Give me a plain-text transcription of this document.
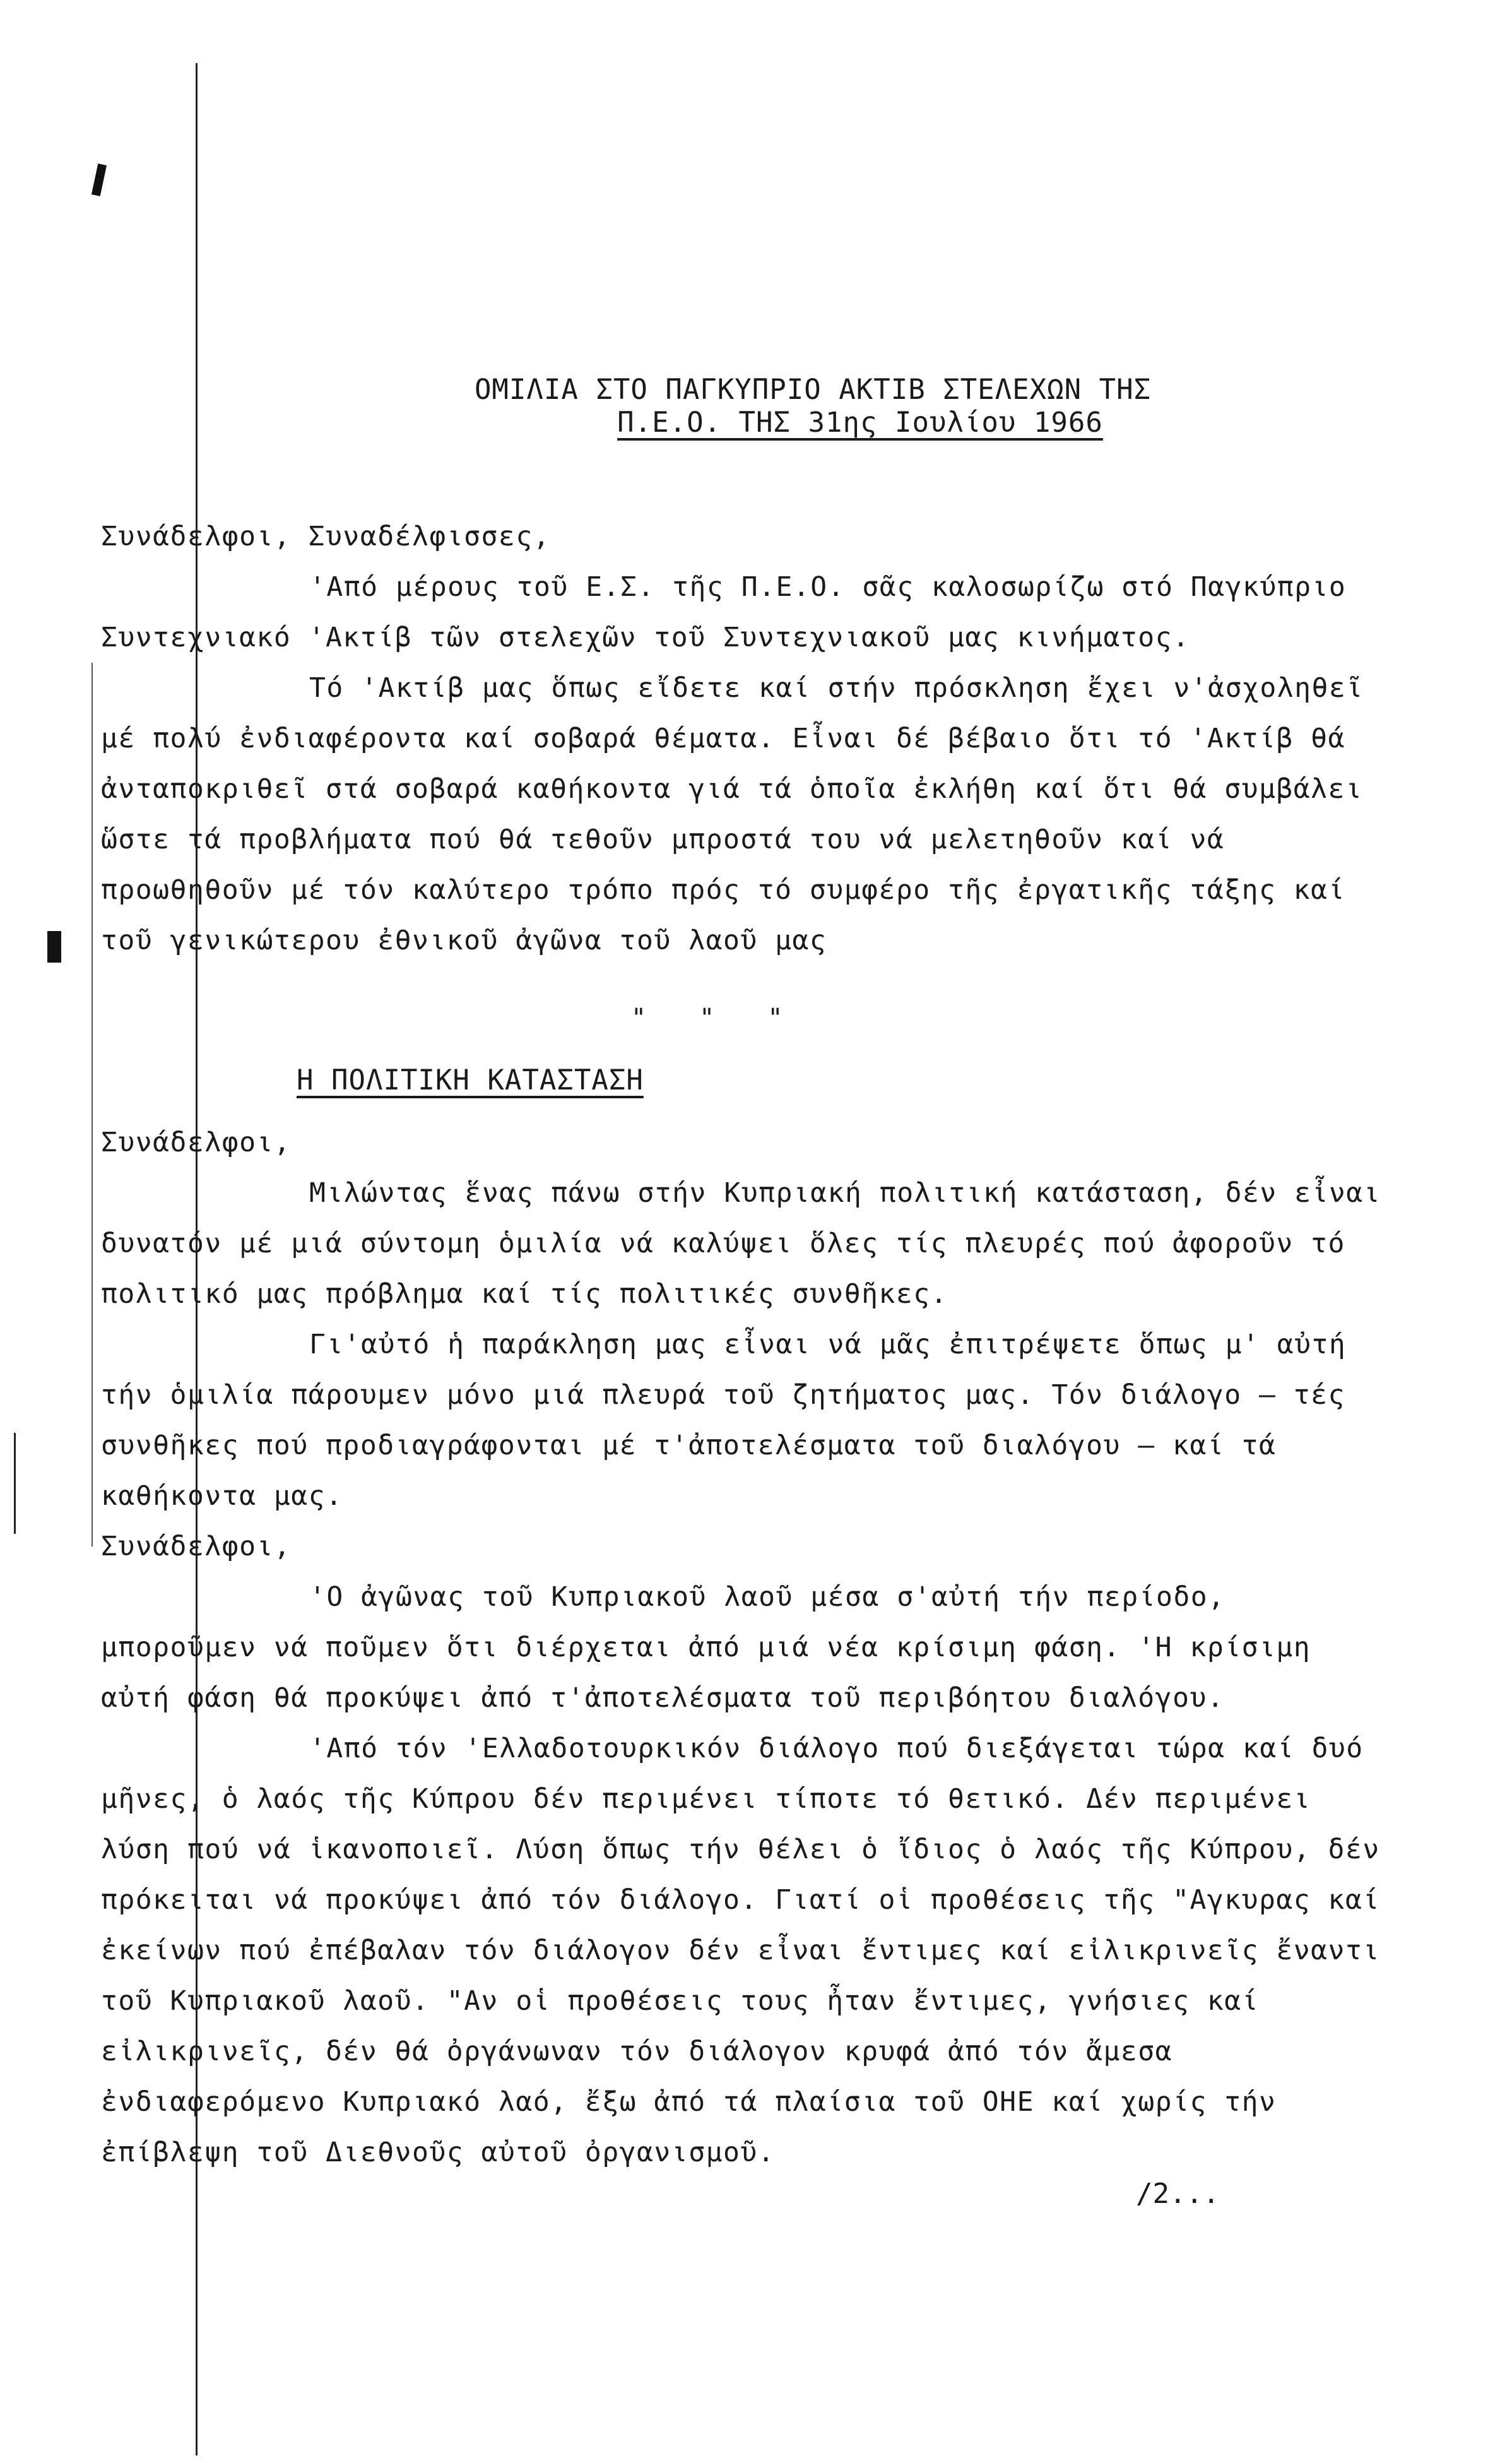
ΟΜΙΛΙΑ ΣΤΟ ΠΑΓΚΥΠΡΙΟ ΑΚΤΙΒ ΣΤΕΛΕΧΩΝ ΤΗΣ
Π.Ε.Ο. ΤΗΣ 31ης Ιουλίου 1966

Συνάδελφοι, Συναδέλφισσες,

'Από μέρους τοῦ Ε.Σ. τῆς Π.Ε.Ο. σᾶς καλοσωρίζω στό Παγκύπριο Συντεχνιακό 'Ακτίβ τῶν στελεχῶν τοῦ Συντεχνιακοῦ μας κινήματος.

Τό 'Ακτίβ μας ὅπως εἴδετε καί στήν πρόσκληση ἔχει ν'ἀσχοληθεῖ μέ πολύ ἐνδιαφέροντα καί σοβαρά θέματα. Εἶναι δέ βέβαιο ὅτι τό 'Ακτίβ θά ἀνταποκριθεῖ στά σοβαρά καθήκοντα γιά τά ὁποῖα ἐκλήθη καί ὅτι θά συμβάλει ὥστε τά προβλήματα πού θά τεθοῦν μπροστά του νά μελετηθοῦν καί νά προωθηθοῦν μέ τόν καλύτερο τρόπο πρός τό συμφέρο τῆς ἐργατικῆς τάξης καί τοῦ γενικώτερου ἐθνικοῦ ἀγῶνα τοῦ λαοῦ μας

" " "
Η ΠΟΛΙΤΙΚΗ ΚΑΤΑΣΤΑΣΗ

Συνάδελφοι,

Μιλώντας ἕνας πάνω στήν Κυπριακή πολιτική κατάσταση, δέν εἶναι δυνατόν μέ μιά σύντομη ὁμιλία νά καλύψει ὅλες τίς πλευρές πού ἀφοροῦν τό πολιτικό μας πρόβλημα καί τίς πολιτικές συνθῆκες.

Γι'αὐτό ἡ παράκληση μας εἶναι νά μᾶς ἐπιτρέψετε ὅπως μ' αὐτή τήν ὁμιλία πάρουμεν μόνο μιά πλευρά τοῦ ζητήματος μας. Τόν διάλογο – τές συνθῆκες πού προδιαγράφονται μέ τ'ἀποτελέσματα τοῦ διαλόγου – καί τά καθήκοντα μας.

Συνάδελφοι,

'Ο ἀγῶνας τοῦ Κυπριακοῦ λαοῦ μέσα σ'αὐτή τήν περίοδο, μποροῦμεν νά ποῦμεν ὅτι διέρχεται ἀπό μιά νέα κρίσιμη φάση. 'Η κρίσιμη αὐτή φάση θά προκύψει ἀπό τ'ἀποτελέσματα τοῦ περιβόητου διαλόγου.

'Από τόν 'Ελλαδοτουρκικόν διάλογο πού διεξάγεται τώρα καί δυό μῆνες, ὁ λαός τῆς Κύπρου δέν περιμένει τίποτε τό θετικό. Δέν περιμένει λύση πού νά ἱκανοποιεῖ. Λύση ὅπως τήν θέλει ὁ ἴδιος ὁ λαός τῆς Κύπρου, δέν πρόκειται νά προκύψει ἀπό τόν διάλογο. Γιατί οἱ προθέσεις τῆς "Αγκυρας καί ἐκείνων πού ἐπέβαλαν τόν διάλογον δέν εἶναι ἔντιμες καί εἰλικρινεῖς ἔναντι τοῦ Κυπριακοῦ λαοῦ. "Αν οἱ προθέσεις τους ἦταν ἔντιμες, γνήσιες καί εἰλικρινεῖς, δέν θά ὀργάνωναν τόν διάλογον κρυφά ἀπό τόν ἄμεσα ἐνδιαφερόμενο Κυπριακό λαό, ἔξω ἀπό τά πλαίσια τοῦ ΟΗΕ καί χωρίς τήν ἐπίβλεψη τοῦ Διεθνοῦς αὐτοῦ ὀργανισμοῦ.

/2...
